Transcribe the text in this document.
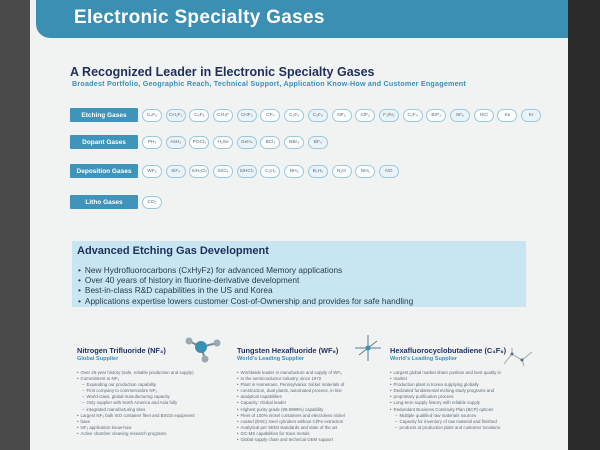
Electronic Specialty Gases
A Recognized Leader in Electronic Specialty Gases
Broadest Portfolio, Geographic Reach, Technical Support, Application Know-How and Customer Engagement
Etching Gases	C₄F₆	CH₂F₂	C₄F₈	CH₃F	CHF₃	CF₄	C₂F₆	C₅F₈	NF₃	ClF₃	F₂/N₂	C₂F₄	BrF₃	SF₆	HCl	Xe	Kr
Dopant Gases	PH₃	AsH₃	POCl₃	H₂Se	GeH₄	BCl₃	BBr₃	BF₃
Deposition Gases	WF₆	SiF₄	SiH₂Cl₂	SiCl₄	SiHCl₃	C₂H₂	NH₃	B₂H₆	N₂O	NH₃	NO
Litho Gases	CO₂
Advanced Etching Gas Development
• New Hydrofluorocarbons (CxHyFz) for advanced Memory applications
• Over 40 years of history in fluorine-derivative development
• Best-in-class R&D capabilities in the US and Korea
• Applications expertise lowers customer Cost-of-Ownership and provides for safe handling
Nitrogen Trifluoride (NF₃)
Global Supplier
• Over 25-year history (safe, reliable production and supply)
• Commitment to NF₃
– Expanding our production capability
– First company to commercialize NF₃
– World-class, global manufacturing capacity
– Only supplier with North America and Asia fully
– integrated manufacturing sites
• Largest NF₃ bulk ISO container fleet and BSGS equipment
• base
• NF₃ application know-how
• Active chamber cleaning research programs
Tungsten Hexafluoride (WF₆)
World's Leading Supplier
• Worldwide leader in manufacture and supply of WF₆
• to the semiconductor industry, since 1972
• Plant in Hometown, Pennsylvania: Nickel materials of
• construction, dual plants, automated process, in-line
• analytical capabilities
• Capacity: Global leader
• Highest purity grade (99.9999%) capability
• Fleet of 100% nickel containers and electroless nickel
• coated (ENC) steel cylinders without Cl/Fe extraction
• Analytical per SEMI standards and state of the art
• GC-MS capabilities for trace metals
• Global supply chain and technical OEM support
Hexafluorocyclobutadiene (C₄F₆)
World's Leading Supplier
• Largest global market share position and best quality in
• market
• Production plant in Korea supplying globally
• Dedicated fundamental etching study programs and
• proprietary purification process
• Long-term supply history with reliable supply
• Redundant Business Continuity Plan (BCP) options
– Multiple qualified raw materials sources
– Capacity for inventory of raw material and finished
– products at production plant and customer locations
